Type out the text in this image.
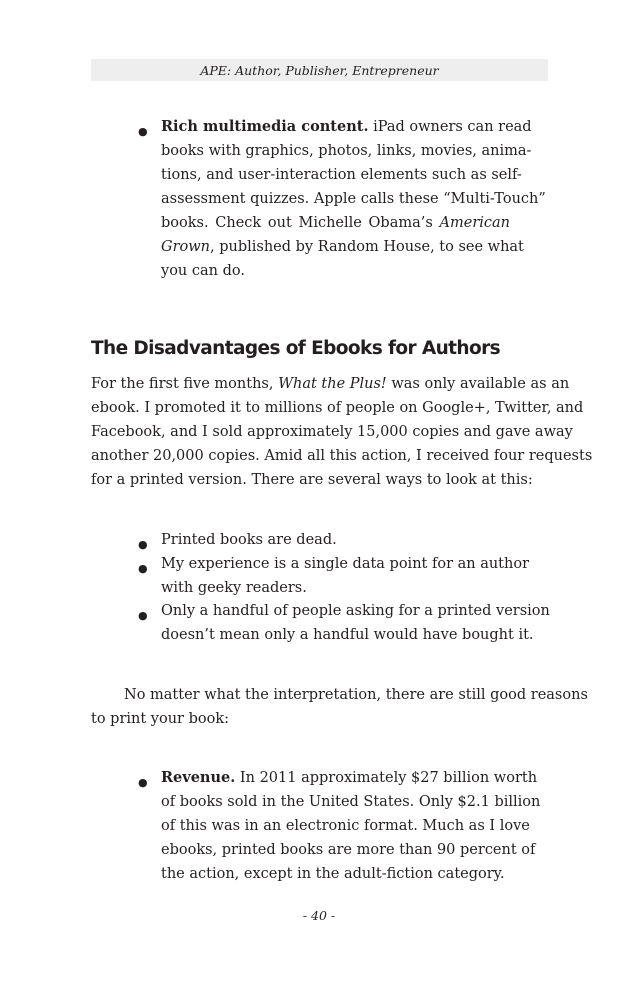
APE: Author, Publisher, Entrepreneur
● Rich multimedia content. iPad owners can read
books with graphics, photos, links, movies, anima-
tions, and user-interaction elements such as self-
assessment quizzes. Apple calls these “Multi-Touch”
books. Check out Michelle Obama’s American
Grown, published by Random House, to see what
you can do.
The Disadvantages of Ebooks for Authors
For the first five months, What the Plus! was only available as an
ebook. I promoted it to millions of people on Google+, Twitter, and
Facebook, and I sold approximately 15,000 copies and gave away
another 20,000 copies. Amid all this action, I received four requests
for a printed version. There are several ways to look at this:
● Printed books are dead.
● My experience is a single data point for an author
with geeky readers.
● Only a handful of people asking for a printed version
doesn’t mean only a handful would have bought it.
No matter what the interpretation, there are still good reasons
to print your book:
● Revenue. In 2011 approximately $27 billion worth
of books sold in the United States. Only $2.1 billion
of this was in an electronic format. Much as I love
ebooks, printed books are more than 90 percent of
the action, except in the adult-fiction category.
- 40 -
